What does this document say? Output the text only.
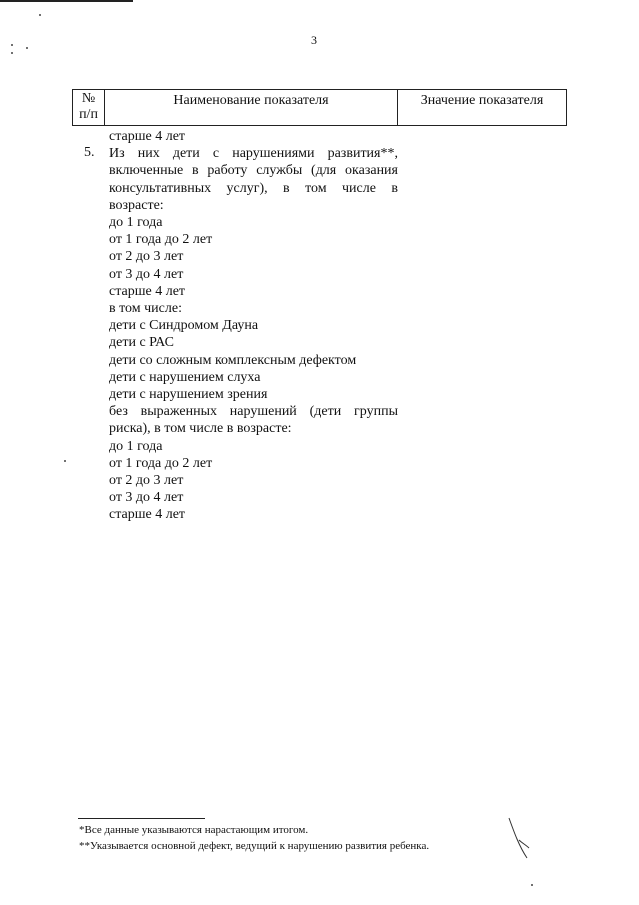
3
№
п/п	Наименование показателя	Значение показателя
5.
старше 4 лет
Из них дети с нарушениями развития**,
включенные в работу службы (для оказания
консультативных услуг), в том числе в
возрасте:
до 1 года
от 1 года до 2 лет
от 2 до 3 лет
от 3 до 4 лет
старше 4 лет
в том числе:
дети с Синдромом Дауна
дети с РАС
дети со сложным комплексным дефектом
дети с нарушением слуха
дети с нарушением зрения
без выраженных нарушений (дети группы
риска), в том числе в возрасте:
до 1 года
от 1 года до 2 лет
от 2 до 3 лет
от 3 до 4 лет
старше 4 лет
*Все данные указываются нарастающим итогом.
**Указывается основной дефект, ведущий к нарушению развития ребенка.
